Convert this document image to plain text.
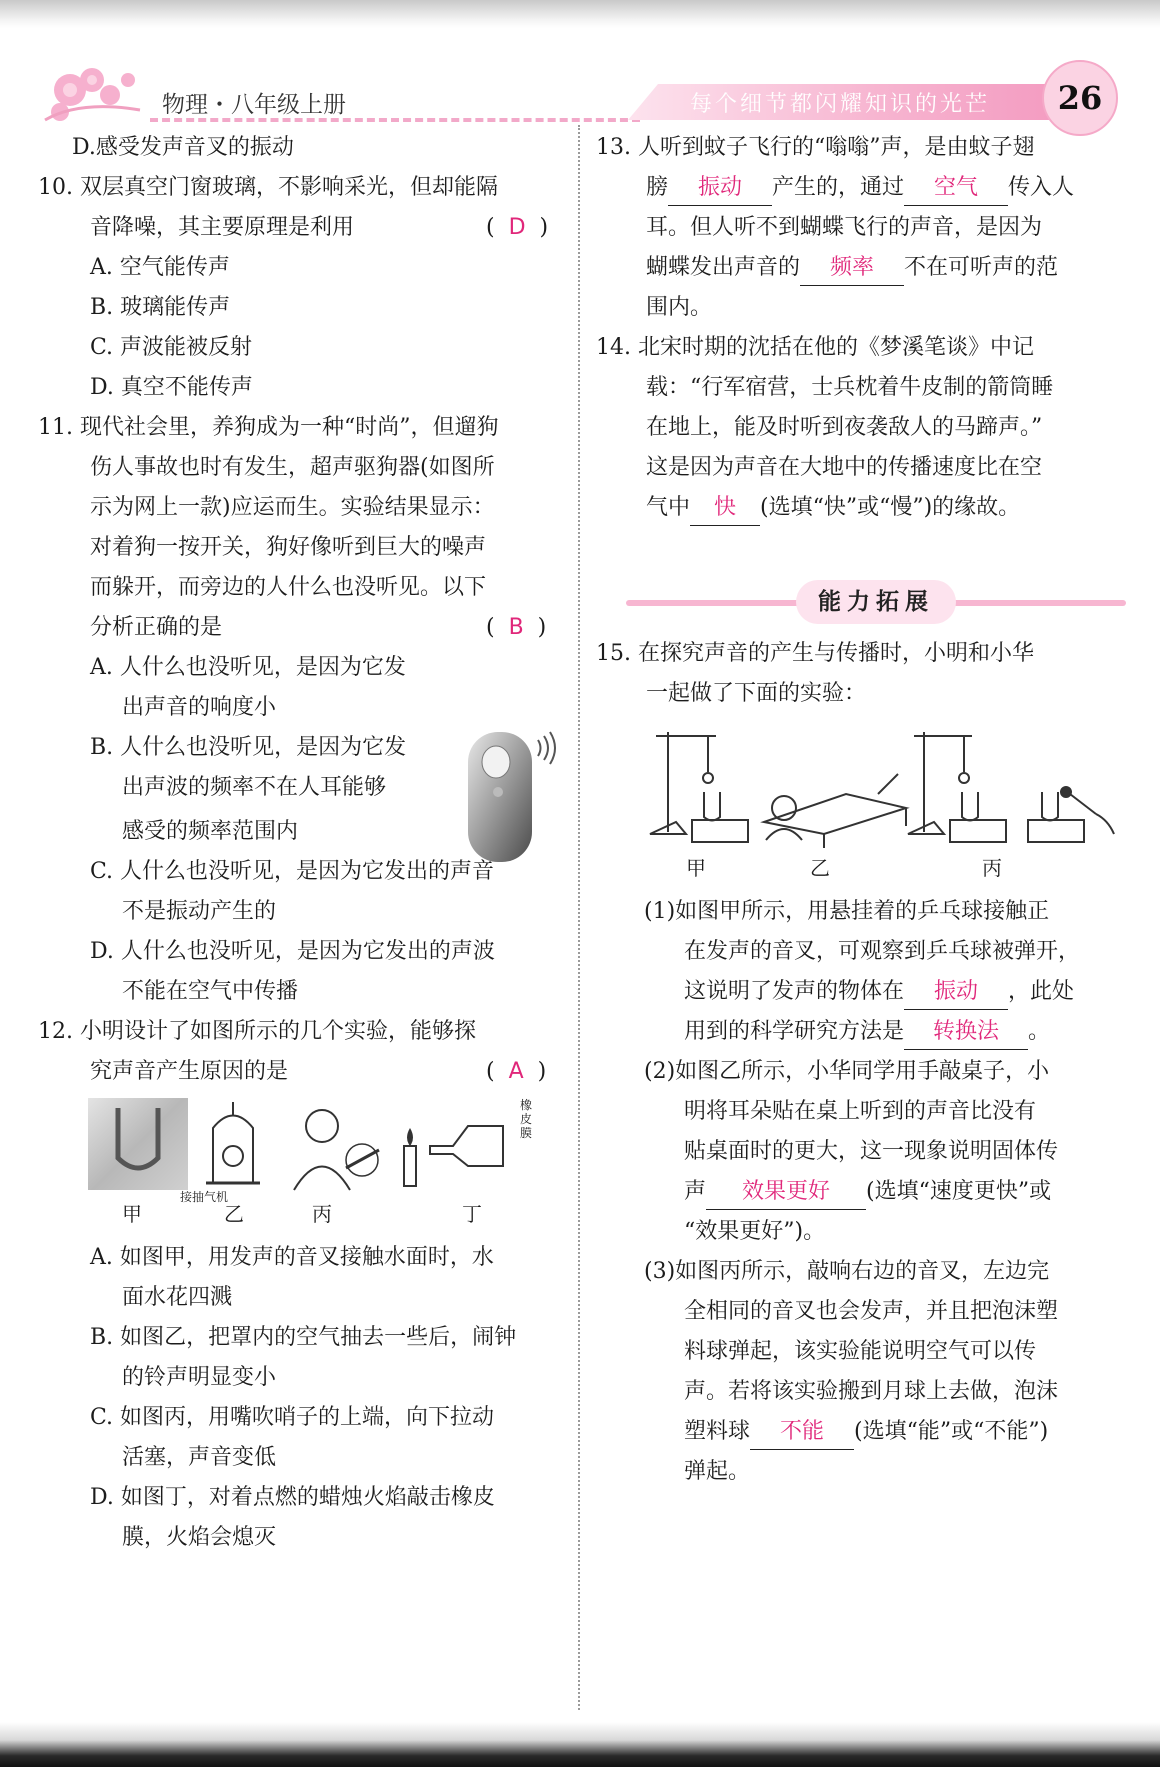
物理・八年级上册	每个细节都闪耀知识的光芒	26
D.感受发声音叉的振动
10. 双层真空门窗玻璃，不影响采光，但却能隔
音降噪，其主要原理是利用	(  D  )
A. 空气能传声
B. 玻璃能传声
C. 声波能被反射
D. 真空不能传声
11. 现代社会里，养狗成为一种“时尚”，但遛狗
伤人事故也时有发生，超声驱狗器(如图所
示为网上一款)应运而生。实验结果显示：
对着狗一按开关，狗好像听到巨大的噪声
而躲开，而旁边的人什么也没听见。以下
分析正确的是	(  B  )
A. 人什么也没听见，是因为它发
出声音的响度小
B. 人什么也没听见，是因为它发
出声波的频率不在人耳能够
感受的频率范围内
C. 人什么也没听见，是因为它发出的声音
不是振动产生的
D. 人什么也没听见，是因为它发出的声波
不能在空气中传播
12. 小明设计了如图所示的几个实验，能够探
究声音产生原因的是	(  A  )
接抽气机
橡皮膜
甲	乙	丙	丁
A. 如图甲，用发声的音叉接触水面时，水
面水花四溅
B. 如图乙，把罩内的空气抽去一些后，闹钟
的铃声明显变小
C. 如图丙，用嘴吹哨子的上端，向下拉动
活塞，声音变低
D. 如图丁，对着点燃的蜡烛火焰敲击橡皮
膜，火焰会熄灭
13. 人听到蚊子飞行的“嗡嗡”声，是由蚊子翅
膀 振动 产生的，通过 空气 传入人
耳。但人听不到蝴蝶飞行的声音，是因为
蝴蝶发出声音的 频率 不在可听声的范
围内。
14. 北宋时期的沈括在他的《梦溪笔谈》中记
载：“行军宿营，士兵枕着牛皮制的箭筒睡
在地上，能及时听到夜袭敌人的马蹄声。”
这是因为声音在大地中的传播速度比在空
气中 快 (选填“快”或“慢”)的缘故。
能力拓展
15. 在探究声音的产生与传播时，小明和小华
一起做了下面的实验：
甲	乙	丙
(1)如图甲所示，用悬挂着的乒乓球接触正
在发声的音叉，可观察到乒乓球被弹开，
这说明了发声的物体在 振动 ，此处
用到的科学研究方法是 转换法 。
(2)如图乙所示，小华同学用手敲桌子，小
明将耳朵贴在桌上听到的声音比没有
贴桌面时的更大，这一现象说明固体传
声 效果更好 (选填“速度更快”或
“效果更好”)。
(3)如图丙所示，敲响右边的音叉，左边完
全相同的音叉也会发声，并且把泡沫塑
料球弹起，该实验能说明空气可以传
声。若将该实验搬到月球上去做，泡沫
塑料球 不能 (选填“能”或“不能”)
弹起。
